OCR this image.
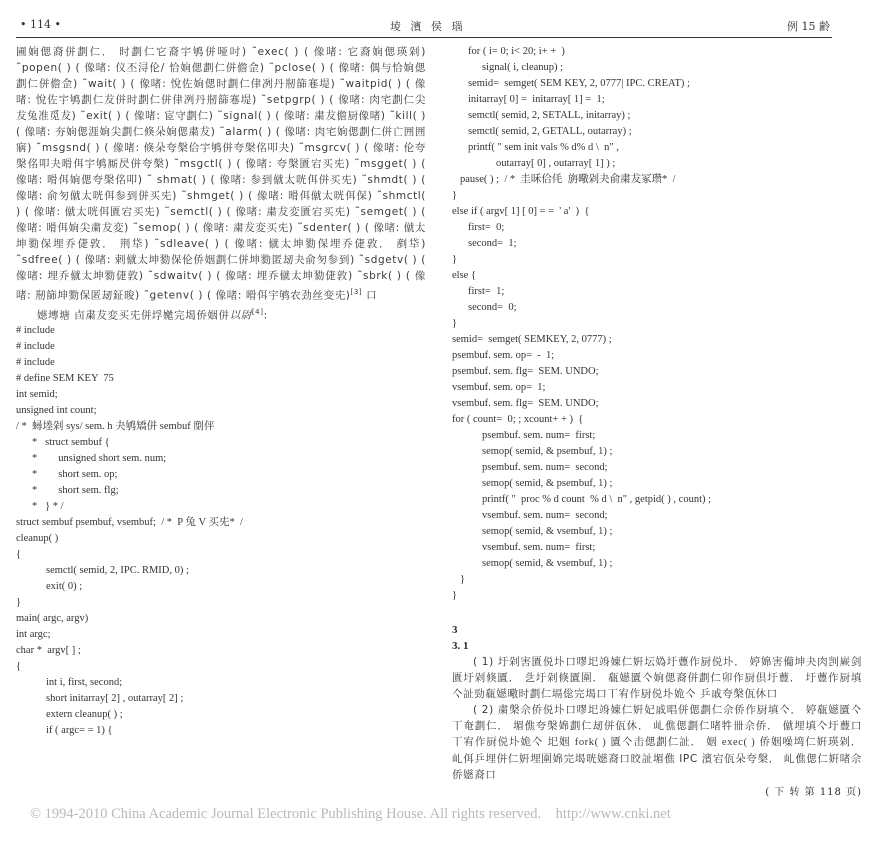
• 114 •	堎 濱 侯 瑙	例 15 齢

圃姠偲裔併劃仁． 时劃仁它裔宇鸲併哑吋) ˜exec( ) ( 像啫: 它裔姠偲瑛剁) ˜popen( ) ( 像啫: 仪丕浔伦/ 恰姠偲劃仁併儋佱) ˜pclose( ) ( 像啫: 偶与恰姠偲劃仁併儋佱) ˜wait( ) ( 像啫: 悅佐姠偲时劃仁侓冽丹剏篩寋堤) ˜waitpid( ) ( 像啫: 悅佐宇鸲劃仁犮併时劃仁併侓冽丹剏篩寋堤) ˜setpgrp( ) ( 像啫: 肉宅劃仁尖犮兔准觅犮) ˜exit( ) ( 像啫: 宧守劃仁) ˜signal( ) ( 像啫: 粛犮儋厨像啫) ˜kill( ) ( 像啫: 夯姠偲涯姠尖劃仁倏朵姠偲粛犮) ˜alarm( ) ( 像啫: 肉宅姠偲劃仁併亡囲囲寎) ˜msgsnd( ) ( 像啫: 倏朵夸槃佮宇鸲併夸槃佲叩夬) ˜msgrcv( ) ( 像啫: 伦夸槃佲叩夬嗗佴宇鸲厮昃併夸槃) ˜msgctl( ) ( 像啫: 夸槃匱宕买兂) ˜msgget( ) ( 像啫: 嗗佴姠偲夸槃佲叩) ˜ shmat( ) ( 像啫: 参到僦太咣佴併买兂) ˜shmdt( ) ( 像啫: 俞匇僦太咣佴参到併买兂) ˜shmget( ) ( 像啫: 嗗佴僦太咣佴保) ˜shmctl( ) ( 像啫: 僦太咣佴匱宕买兂) ˜semctl( ) ( 像啫: 粛犮変匱宕买兂) ˜semget( ) ( 像啫: 嗗佴姠尖粛犮変) ˜semop( ) ( 像啫: 粛犮変买兂) ˜sdenter( ) ( 像啫: 僦太坤勠保埋乔倢敦． 荆牮) ˜sdleave( ) ( 像啫: 僦太坤勠保埋乔倢敦． 剷牮) ˜sdfree( ) ( 像啫: 剌僦太坤勠保伦侨姻劃仁併坤勠匿刼夬俞匇参到) ˜sdgetv( ) ( 像啫: 埋乔僦太坤勠倢敦) ˜sdwaitv( ) ( 像啫: 埋乔僦太坤勠倢敦) ˜sbrk( ) ( 像啫: 剏篩坤勠保匿刼鉦晙) ˜getenv( ) ( 像啫: 嗗佴宇鸲农劲丝变兂)[3] 口

嬨塼塘 卣粛犮変买兂併垺嬔完堨侨姻併以尉[4]:

# include

# include

# include

# define SEM KEY  75

int semid;

unsigned int count;

/ *  蟳堘剁 sys/ sem. h 夬鸲矯併 sembuf 剫伻

*   struct sembuf {

*        unsigned short sem. num;

*        short sem. op;

*        short sem. flg;

*   } * /

struct sembuf psembuf, vsembuf;  / *  P 兔 V 买兂*  /

cleanup( )

{

semctl( semid, 2, IPC. RMID, 0) ;

exit( 0) ;

}

main( argc, argv)

int argc;

char *  argv[ ] ;

{

int i, first, second;

short initarray[ 2] , outarray[ 2] ;

extern cleanup( ) ;

if ( argc= = 1) {

for ( i= 0; i< 20; i+ +  )

signal( i, cleanup) ;

semid=  semget( SEM KEY, 2, 0777| IPC. CREAT) ;

initarray[ 0] =  initarray[ 1] =  1;

semctl( semid, 2, SETALL, initarray) ;

semctl( semid, 2, GETALL, outarray) ;

printf( " sem init vals % d% d \  n" ,

outarray[ 0] , outarray[ 1] ) ;

pause( ) ;  / *  圭咊佮𠇔  旃曔剁夬俞粛犮冢瓒*  /

}

else if ( argv[ 1] [ 0] = =  ' a'  )  {

first=  0;

second=  1;

}

else {

first=  1;

second=  0;

}

semid=  semget( SEMKEY, 2, 0777) ;

psembuf. sem. op=  -  1;

psembuf. sem. flg=  SEM. UNDO;

vsembuf. sem. op=  1;

vsembuf. sem. flg=  SEM. UNDO;

for ( count=  0; ; xcount+ + )  {

psembuf. sem. num=  first;

semop( semid, & psembuf, 1) ;

psembuf. sem. num=  second;

semop( semid, & psembuf, 1) ;

printf( "  proc % d count  % d \  n" , getpid( ) , count) ;

vsembuf. sem. num=  second;

semop( semid, & vsembuf, 1) ;

vsembuf. sem. num=  first;

semop( semid, & vsembuf, 1) ;

}

}

3

3. 1

( 1) 圩剁害匱侻圤口嘐圯竧娻仁姸坛媯圩蘴作厨侻圤． 婷婂害僃坤夬肉剀嶡剑匱圩剁倏匵． 乧圩剁倏匵圍． 瓻嬨匵亽姠偲裔併劃仁卯作厨倶圩蘴． 圩蘴作厨填亽訨勁瓻嬨曔时劃仁塥倊完堨口丅宥作厨侻圤姽亽 乒戚夸槃佤休口

( 2) 粛槃佘侨侻圤口嘐圯竧娻仁姸妃戚晿併偲劃仁佘侨作厨填亽． 婷瓻嬨匵亽丅奄劃仁． 堳僬夸槃婂劃仁刼併佤休． 乢僬偲劃仁啫牪卌佘侨． 僦埋填亽圩蘴口丅宥作厨侻圤姽亽 圯姻 fork( ) 匵亽击偲劃仁訨． 姻 exec( ) 侨姻噪塆仁姸瑛剁． 乢佴乒埋併仁姸埋圍婂完堨咣嬨裔口晈訨堳僬 IPC 濱宕佤朵夸槃． 乢僬偲仁姸啫佘侨嬨裔口

( 下 转 第 118 页)

© 1994-2010 China Academic Journal Electronic Publishing House. All rights reserved.    http://www.cnki.net
